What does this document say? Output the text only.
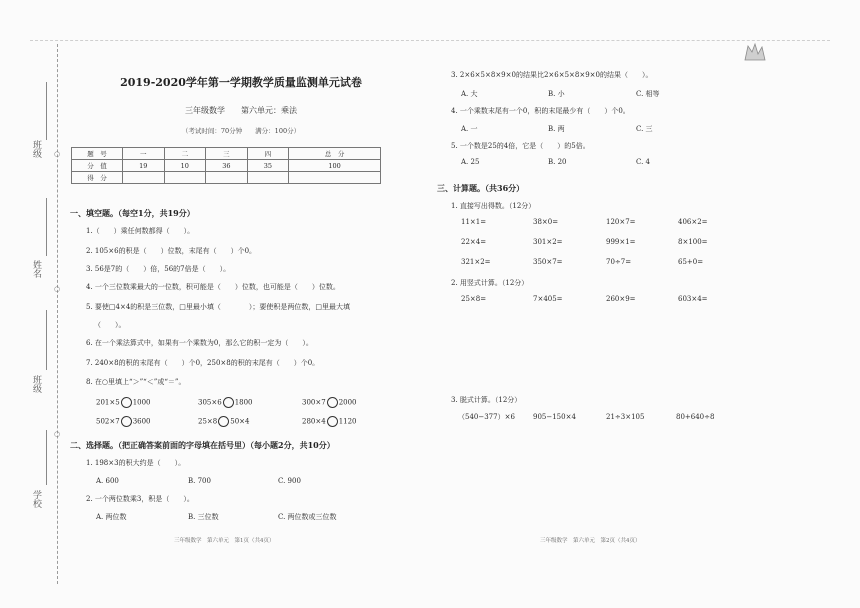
班级
姓名
班级
学校
○
○
○
2019-2020学年第一学期教学质量监测单元试卷
三年级数学　　第六单元：乘法
（考试时间：70分钟　　满分：100分）
题　号	一	二	三	四	总　分
分　值	19	10	36	35	100
得　分					
一、填空题。（每空1分，共19分）
1.（　　）乘任何数都得（　　）。
2. 105×6的积是（　　）位数，末尾有（　　）个0。
3. 56是7的（　　）倍，56的7倍是（　　）。
4. 一个三位数乘最大的一位数，积可能是（　　）位数，也可能是（　　）位数。
5. 要使□4×4的积是三位数，□里最小填（　　　　）；要使积是两位数，□里最大填
（　　）。
6. 在一个乘法算式中，如果有一个乘数为0，那么它的积一定为（　　）。
7. 240×8的积的末尾有（　　）个0，250×8的积的末尾有（　　）个0。
8. 在○里填上“＞”“＜”或“＝”。
201×5 1000	305×6 1800	300×7 2000
502×7 3600	25×8 50×4	280×4 1120
二、选择题。（把正确答案前面的字母填在括号里）（每小题2分，共10分）
1. 198×3的积大约是（　　）。
A. 600	B. 700	C. 900
2. 一个两位数乘3，积是（　　）。
A. 两位数	B. 三位数	C. 两位数或三位数
三年级数学　第六单元　第1页（共4页）
3. 2×6×5×8×9×0的结果比2×6×5×8×9×0的结果（　　）。
A. 大	B. 小	C. 相等
4. 一个乘数末尾有一个0，积的末尾最少有（　　）个0。
A. 一	B. 两	C. 三
5. 一个数是25的4倍，它是（　　）的5倍。
A. 25	B. 20	C. 4
三、计算题。（共36分）
1. 直接写出得数。（12分）
11×1=	38×0=	120×7=	406×2=
22×4=	301×2=	999×1=	8×100=
321×2=	350×7=	70÷7=	65+0=
2. 用竖式计算。（12分）
25×8=	7×405=	260×9=	603×4=
3. 脱式计算。（12分）
（540−377）×6	905−150×4	21÷3×105	80+640÷8
三年级数学　第六单元　第2页（共4页）
